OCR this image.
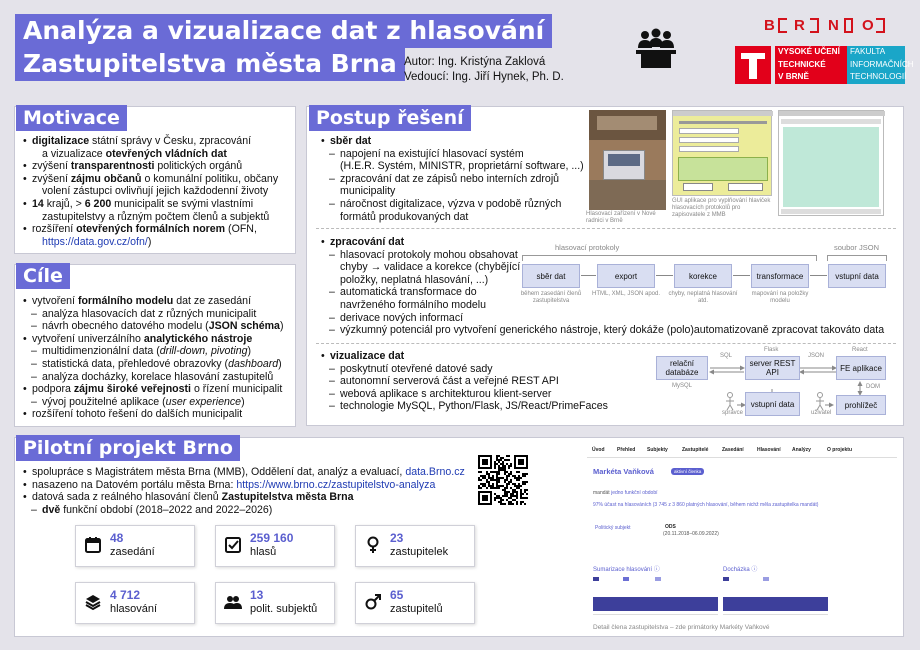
Analýza a vizualizace dat z hlasování
Zastupitelstva města Brna Autor: Ing. Kristýna Zaklová
Vedoucí: Ing. Jiří Hynek, Ph. D.
B R N O
VYSOKÉ UČENÍ
TECHNICKÉ
V BRNĚ
FAKULTA
INFORMAČNÍCH
TECHNOLOGIÍ
Motivace
• digitalizace státní správy v Česku, zpracování
a vizualizace otevřených vládních dat
• zvýšení transparentnosti politických orgánů
• zvýšení zájmu občanů o komunální politiku, občany
volení zástupci ovlivňují jejich každodenní životy
• 14 krajů, > 6 200 municipalit se svými vlastními
zastupitelstvy a různým počtem členů a subjektů
• rozšíření otevřených formálních norem (OFN,
https://data.gov.cz/ofn/)
Cíle
• vytvoření formálního modelu dat ze zasedání
– analýza hlasovacích dat z různých municipalit
– návrh obecného datového modelu (JSON schéma)
• vytvoření univerzálního analytického nástroje
– multidimenzionální data (drill-down, pivoting)
– statistická data, přehledové obrazovky (dashboard)
– analýza docházky, korelace hlasování zastupitelů
• podpora zájmu široké veřejnosti o řízení municipalit
– vývoj použitelné aplikace (user experience)
• rozšíření tohoto řešení do dalších municipalit
Postup řešení
• sběr dat
– napojení na existující hlasovací systém
(H.E.R. Systém, MINISTR, proprietární software, ...)
– zpracování dat ze zápisů nebo interních zdrojů
municipality
– náročnost digitalizace, výzva v podobě různých
formátů produkovaných dat	Hlasovací zařízení v Nové radnici v Brně
GUI aplikace pro vyplňování hlaviček hlasovacích protokolů pro zapisovatele z MMB
• zpracování dat
– hlasovací protokoly mohou obsahovat
chyby → validace a korekce (chybějící
položky, neplatná hlasování, ...)
– automatická transformace do
navrženého formálního modelu
– derivace nových informací
– výzkumný potenciál pro vytvoření generického nástroje, který dokáže (polo)automatizovaně zpracovat takováto data
hlasovací protokoly	soubor JSON
sběr dat
během zasedání členů zastupitelstva
export
HTML, XML, JSON apod.
korekce
chyby, neplatná hlasování atd.
transformace
mapování na položky modelu
vstupní data
• vizualizace dat
– poskytnutí otevřené datové sady
– autonomní serverová část a veřejné REST API
– webová aplikace s architekturou klient-server
– technologie MySQL, Python/Flask, JS/React/PrimeFaces
relační databáze
server REST API	FE aplikace
vstupní data	prohlížeč
SQL	JSON
Flask	React
MySQL	DOM
správce	uživatel
Pilotní projekt Brno
• spolupráce s Magistrátem města Brna (MMB), Oddělení dat, analýz a evaluací, data.Brno.cz
• nasazeno na Datovém portálu města Brna: https://www.brno.cz/zastupitelstvo-analyza
• datová sada z reálného hlasování členů Zastupitelstva města Brna
– dvě funkční období (2018–2022 and 2022–2026)
48
zasedání
259 160
hlasů
23
zastupitelek
4 712
hlasování
13
polit. subjektů
65
zastupitelů
Úvod	Přehled Subjekty	Zastupitelé	Zasedání	Hlasování Analýzy	O projektu
Markéta Vaňková	aktivní členka
mandát jedno funkční období
97% účast na hlasováních (3 745 z 3 860 platných hlasování, během nichž měla zastupitelka mandát)
Politický subjekt	ODS
(20.11.2018–06.09.2022)
Sumarizace hlasování ⓘ	Docházka ⓘ
Detail člena zastupitelstva – zde primátorky Markéty Vaňkové
